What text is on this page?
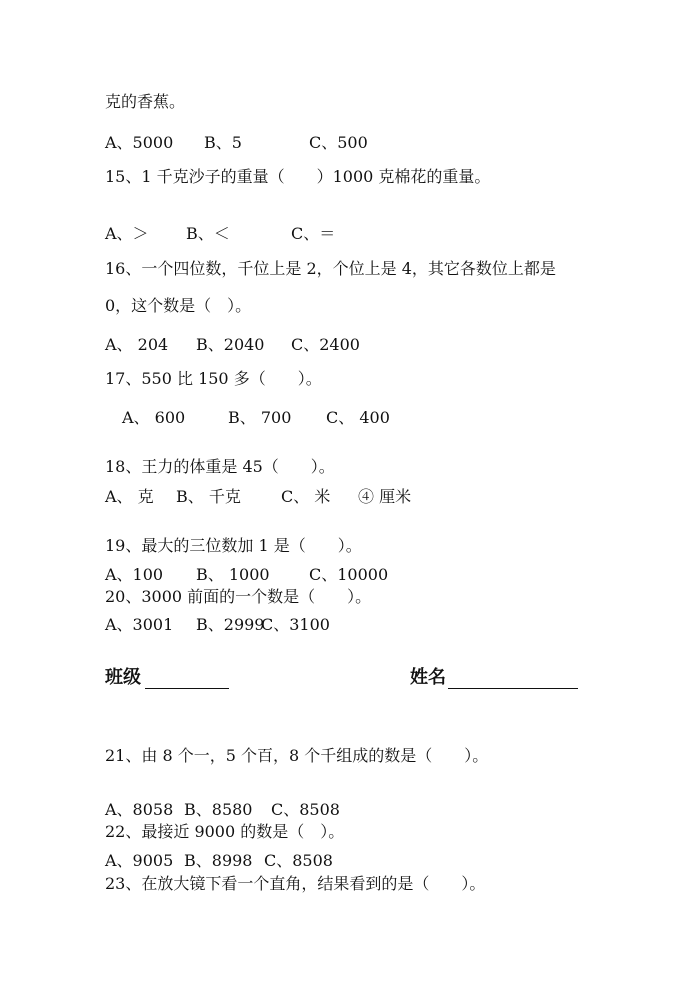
克的香蕉。
A、5000 B、5	C、500
15、1 千克沙子的重量（　　）1000 克棉花的重量。
A、＞ B、＜	C、＝
16、一个四位数，千位上是 2，个位上是 4，其它各数位上都是
0，这个数是（　）。
A、 204 B、2040 C、2400
17、550 比 150 多（　　）。
A、 600	B、 700 C、 400
18、王力的体重是 45（　　）。
A、 克 B、 千克	C、 米 ④ 厘米
19、最大的三位数加 1 是（　　）。
A、100 B、 1000 C、10000
20、3000 前面的一个数是（　　）。
A、3001 B、2999
C、3100
班级	姓名
21、由 8 个一，5 个百，8 个千组成的数是（　　）。
A、8058 B、8580 C、8508
22、最接近 9000 的数是（　）。
A、9005 B、8998 C、8508
23、在放大镜下看一个直角，结果看到的是（　　）。
